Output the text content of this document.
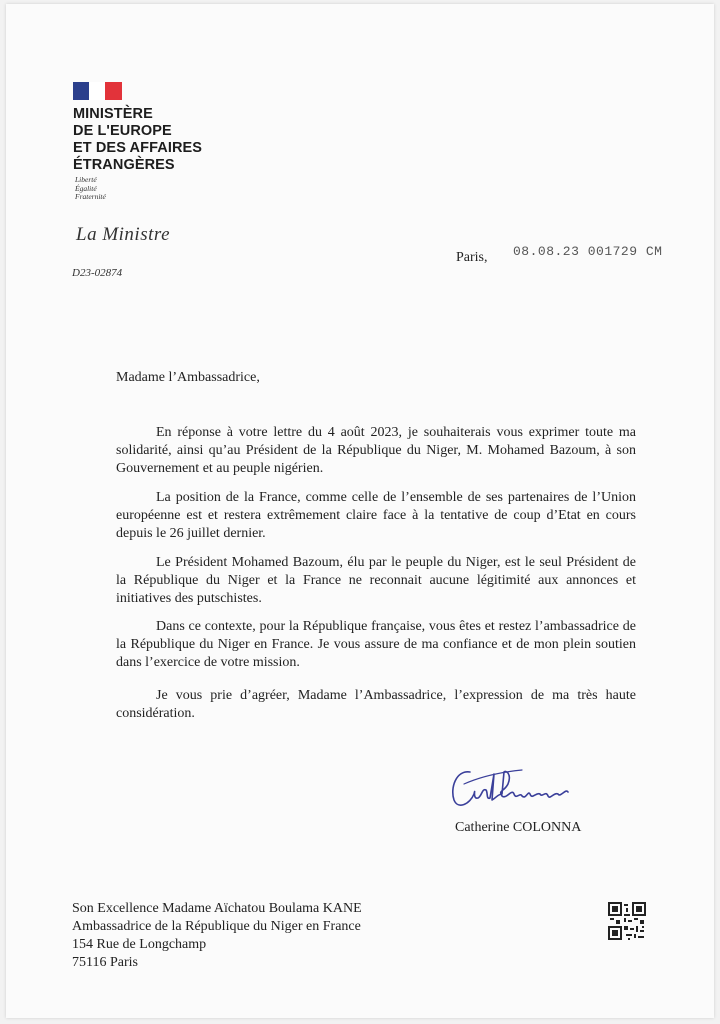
MINISTÈRE
DE L'EUROPE
ET DES AFFAIRES
ÉTRANGÈRES
Liberté
Égalité
Fraternité
La Ministre
D23-02874
Paris, 08.08.23 001729 CM
Madame l’Ambassadrice,
En réponse à votre lettre du 4 août 2023, je souhaiterais vous exprimer toute ma solidarité, ainsi qu’au Président de la République du Niger, M. Mohamed Bazoum, à son Gouvernement et au peuple nigérien.
La position de la France, comme celle de l’ensemble de ses partenaires de l’Union européenne est et restera extrêmement claire face à la tentative de coup d’Etat en cours depuis le 26 juillet dernier.
Le Président Mohamed Bazoum, élu par le peuple du Niger, est le seul Président de la République du Niger et la France ne reconnait aucune légitimité aux annonces et initiatives des putschistes.
Dans ce contexte, pour la République française, vous êtes et restez l’ambassadrice de la République du Niger en France. Je vous assure de ma confiance et de mon plein soutien dans l’exercice de votre mission.
Je vous prie d’agréer, Madame l’Ambassadrice, l’expression de ma très haute considération.
Catherine COLONNA
Son Excellence Madame Aïchatou Boulama KANE
Ambassadrice de la République du Niger en France
154 Rue de Longchamp
75116 Paris
